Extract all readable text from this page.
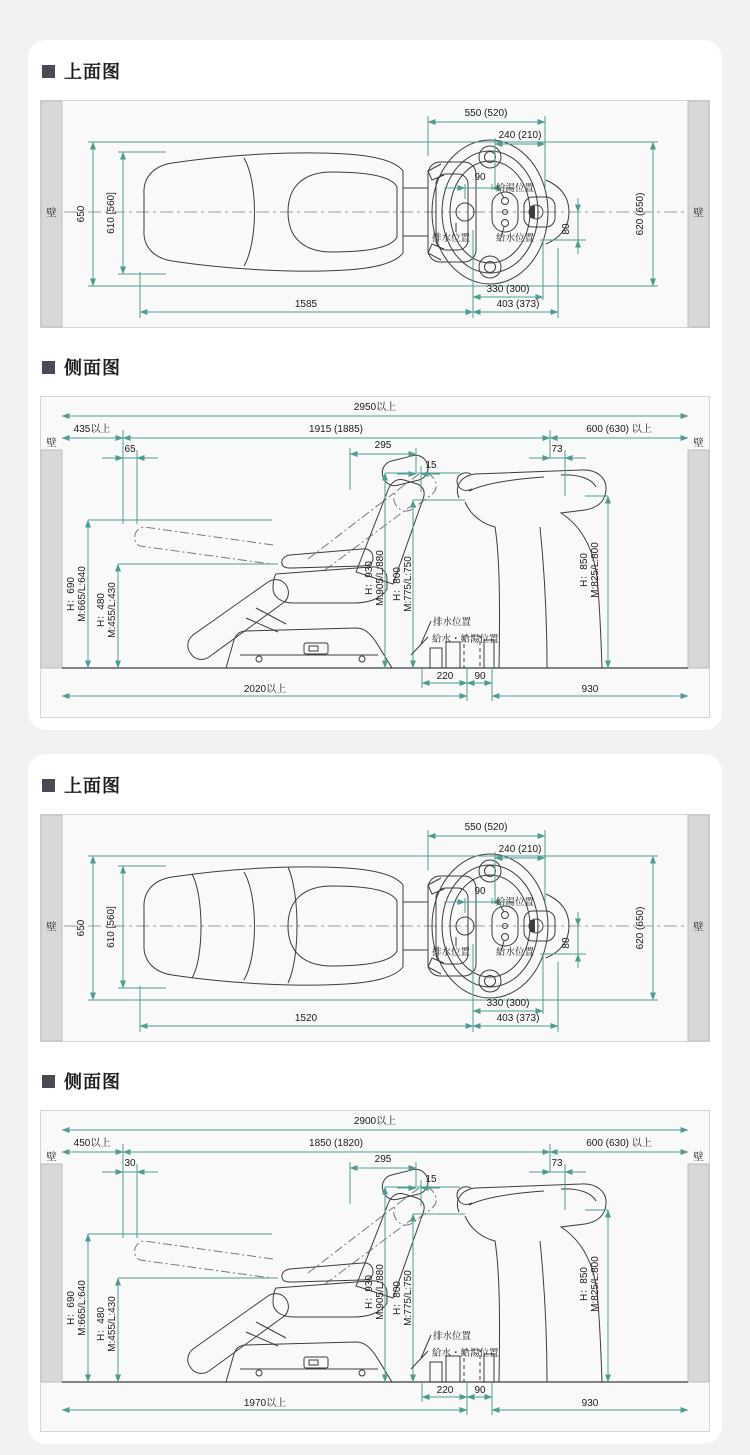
上面图
壁	壁
550 (520)
240 (210)
90
80	620 (650)
650 610 [560]
1585
330 (300)
403 (373)
給湯位置
排水位置	給水位置
侧面图
壁	壁
2950以上
435以上	1915 (1885)	600 (630) 以上
65	295
15
73
H：690 M:665/L:640 H：480 M:455/L:430
H：930 M:905/L:880 H：800 M:775/L:750	H：850 M:825/L:800
220 90
2020以上	930
排水位置
給水・給湯位置
上面图
壁	壁
550 (520)
240 (210)
90
80	620 (650)
650 610 [560]
1520
330 (300)
403 (373)
給湯位置
排水位置	給水位置
侧面图
壁	壁
2900以上
450以上	1850 (1820)	600 (630) 以上
30	295
15
73
H：690 M:665/L:640 H：480 M:455/L:430
H：930 M:905/L:880 H：800 M:775/L:750	H：850 M:825/L:800
220 90
1970以上	930
排水位置
給水・給湯位置
